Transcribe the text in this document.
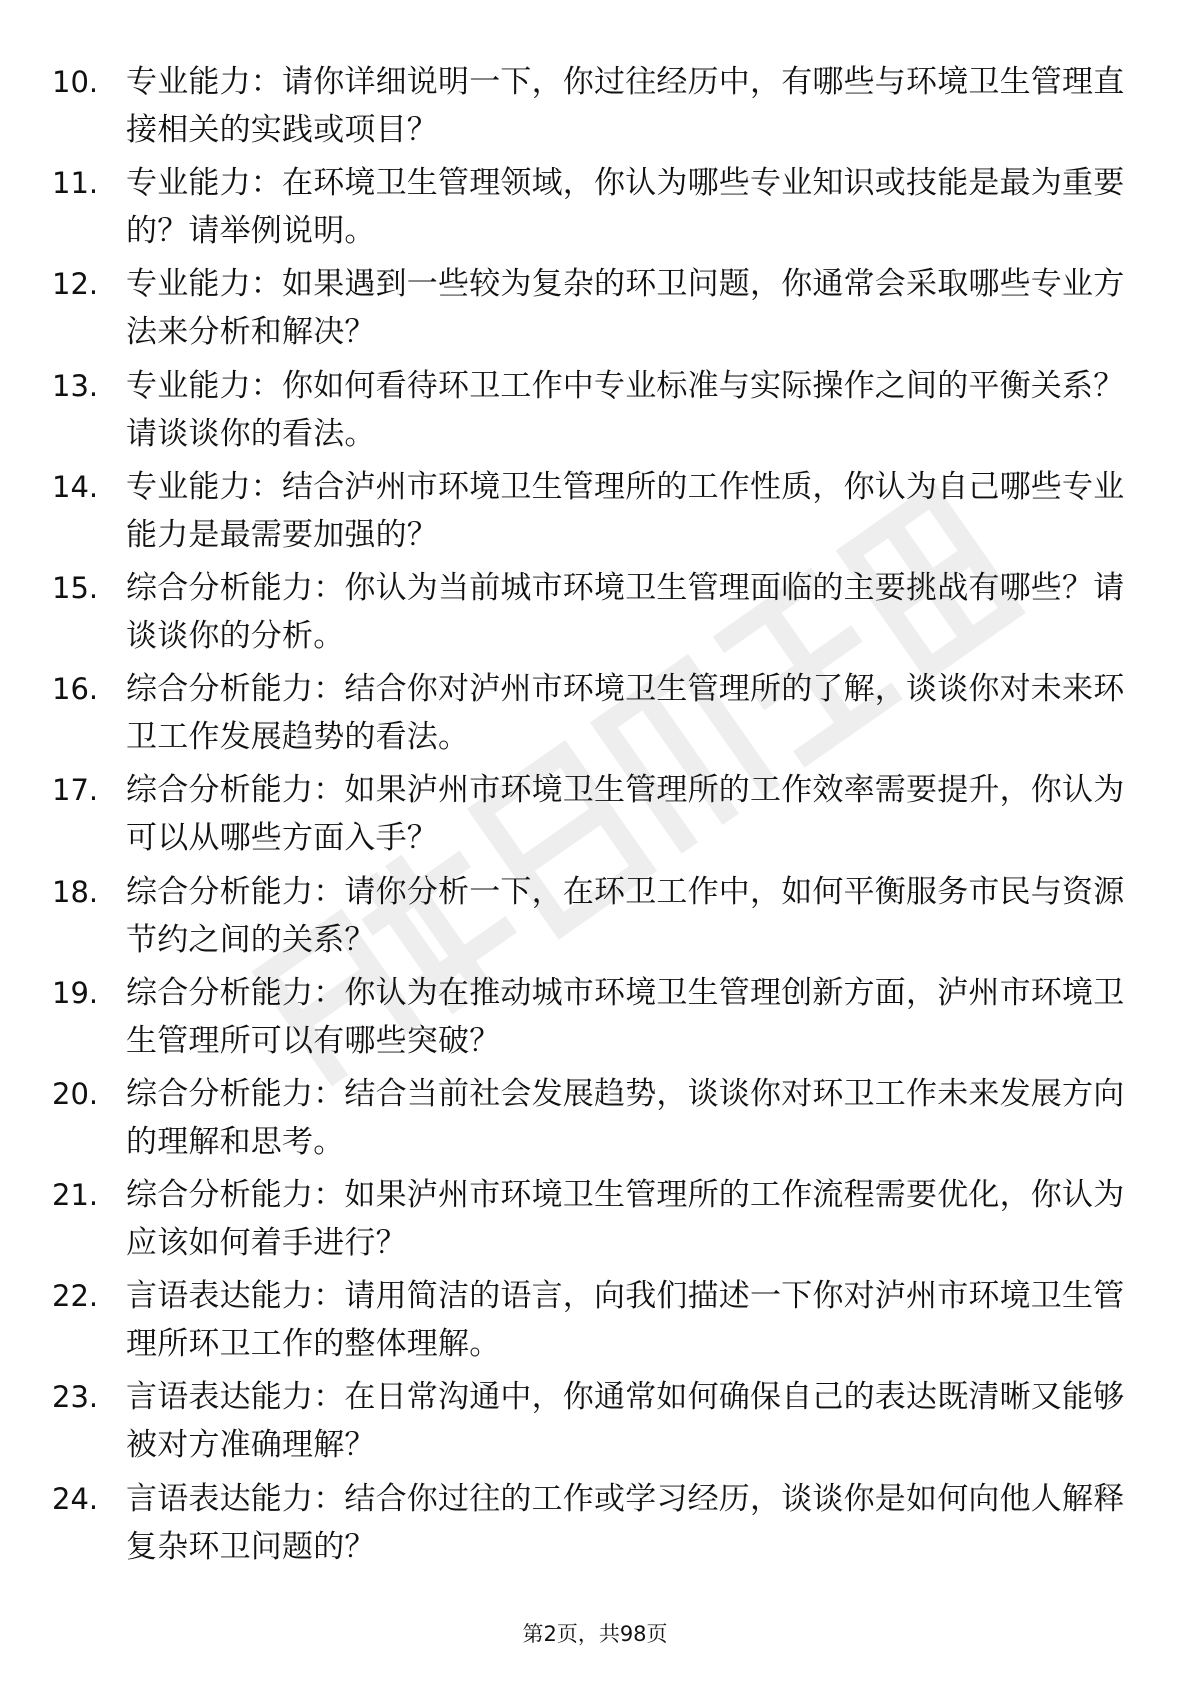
10. 专业能力：请你详细说明一下，你过往经历中，有哪些与环境卫生管理直接相关的实践或项目？
11. 专业能力：在环境卫生管理领域，你认为哪些专业知识或技能是最为重要的？请举例说明。
12. 专业能力：如果遇到一些较为复杂的环卫问题，你通常会采取哪些专业方法来分析和解决？
13. 专业能力：你如何看待环卫工作中专业标准与实际操作之间的平衡关系？请谈谈你的看法。
14. 专业能力：结合泸州市环境卫生管理所的工作性质，你认为自己哪些专业能力是最需要加强的？
15. 综合分析能力：你认为当前城市环境卫生管理面临的主要挑战有哪些？请谈谈你的分析。
16. 综合分析能力：结合你对泸州市环境卫生管理所的了解，谈谈你对未来环卫工作发展趋势的看法。
17. 综合分析能力：如果泸州市环境卫生管理所的工作效率需要提升，你认为可以从哪些方面入手？
18. 综合分析能力：请你分析一下，在环卫工作中，如何平衡服务市民与资源节约之间的关系？
19. 综合分析能力：你认为在推动城市环境卫生管理创新方面，泸州市环境卫生管理所可以有哪些突破？
20. 综合分析能力：结合当前社会发展趋势，谈谈你对环卫工作未来发展方向的理解和思考。
21. 综合分析能力：如果泸州市环境卫生管理所的工作流程需要优化，你认为应该如何着手进行？
22. 言语表达能力：请用简洁的语言，向我们描述一下你对泸州市环境卫生管理所环卫工作的整体理解。
23. 言语表达能力：在日常沟通中，你通常如何确保自己的表达既清晰又能够被对方准确理解？
24. 言语表达能力：结合你过往的工作或学习经历，谈谈你是如何向他人解释复杂环卫问题的？
第2页，共98页
